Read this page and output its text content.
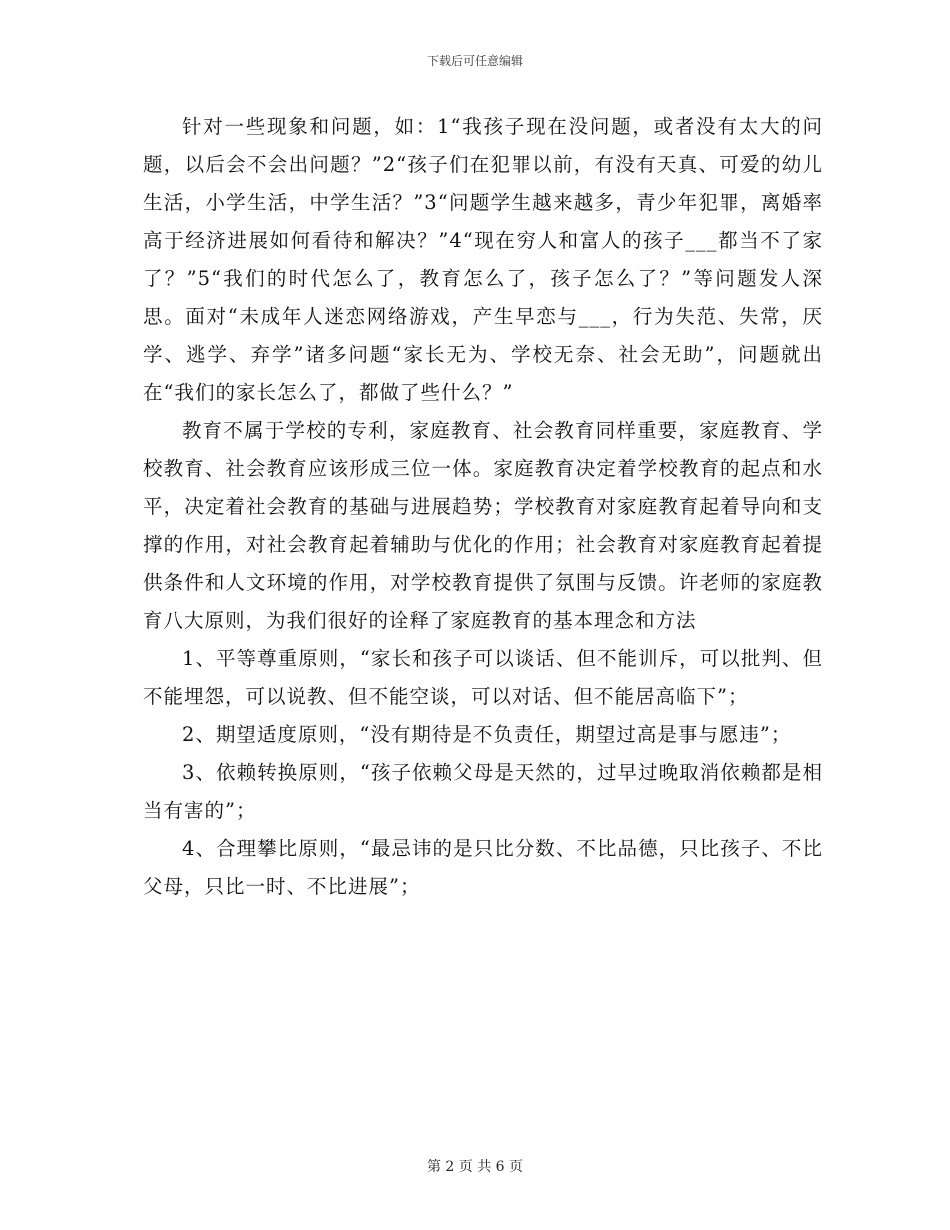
下载后可任意编辑

针对一些现象和问题，如：1“我孩子现在没问题，或者没有太大的问题，以后会不会出问题？”2“孩子们在犯罪以前，有没有天真、可爱的幼儿生活，小学生活，中学生活？”3“问题学生越来越多，青少年犯罪，离婚率高于经济进展如何看待和解决？”4“现在穷人和富人的孩子___都当不了家了？”5“我们的时代怎么了，教育怎么了，孩子怎么了？”等问题发人深思。面对“未成年人迷恋网络游戏，产生早恋与___，行为失范、失常，厌学、逃学、弃学”诸多问题“家长无为、学校无奈、社会无助”，问题就出在“我们的家长怎么了，都做了些什么？”

教育不属于学校的专利，家庭教育、社会教育同样重要，家庭教育、学校教育、社会教育应该形成三位一体。家庭教育决定着学校教育的起点和水平，决定着社会教育的基础与进展趋势；学校教育对家庭教育起着导向和支撑的作用，对社会教育起着辅助与优化的作用；社会教育对家庭教育起着提供条件和人文环境的作用，对学校教育提供了氛围与反馈。许老师的家庭教育八大原则，为我们很好的诠释了家庭教育的基本理念和方法

1、平等尊重原则，“家长和孩子可以谈话、但不能训斥，可以批判、但不能埋怨，可以说教、但不能空谈，可以对话、但不能居高临下”；

2、期望适度原则，“没有期待是不负责任，期望过高是事与愿违”；

3、依赖转换原则，“孩子依赖父母是天然的，过早过晚取消依赖都是相当有害的”；

4、合理攀比原则，“最忌讳的是只比分数、不比品德，只比孩子、不比父母，只比一时、不比进展”；

第 2 页 共 6 页
